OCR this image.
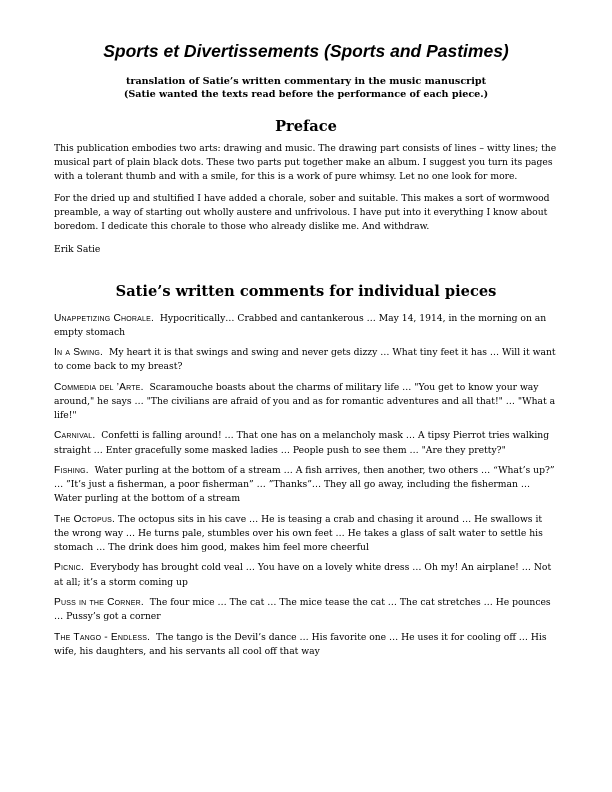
Sports et Divertissements (Sports and Pastimes)
translation of Satie’s written commentary in the music manuscript
(Satie wanted the texts read before the performance of each piece.)
Preface

This publication embodies two arts: drawing and music. The drawing part consists of lines – witty lines; the musical part of plain black dots. These two parts put together make an album. I suggest you turn its pages with a tolerant thumb and with a smile, for this is a work of pure whimsy. Let no one look for more.

For the dried up and stultified I have added a chorale, sober and suitable. This makes a sort of wormwood preamble, a way of starting out wholly austere and unfrivolous. I have put into it everything I know about boredom. I dedicate this chorale to those who already dislike me. And withdraw.

Erik Satie
Satie’s written comments for individual pieces

Unappetizing Chorale. Hypocritically… Crabbed and cantankerous … May 14, 1914, in the morning on an empty stomach

In a Swing. My heart it is that swings and swing and never gets dizzy … What tiny feet it has … Will it want to come back to my breast?

Commedia del ’Arte. Scaramouche boasts about the charms of military life … "You get to know your way around," he says … "The civilians are afraid of you and as for romantic adventures and all that!" … "What a life!"

Carnival. Confetti is falling around! … That one has on a melancholy mask … A tipsy Pierrot tries walking straight … Enter gracefully some masked ladies … People push to see them … "Are they pretty?"

Fishing. Water purling at the bottom of a stream … A fish arrives, then another, two others … “What’s up?” … ”It’s just a fisherman, a poor fisherman” … ”Thanks”… They all go away, including the fisherman … Water purling at the bottom of a stream

The Octopus. The octopus sits in his cave … He is teasing a crab and chasing it around … He swallows it the wrong way … He turns pale, stumbles over his own feet … He takes a glass of salt water to settle his stomach … The drink does him good, makes him feel more cheerful

Picnic. Everybody has brought cold veal … You have on a lovely white dress … Oh my! An airplane! … Not at all; it’s a storm coming up

Puss in the Corner. The four mice … The cat … The mice tease the cat … The cat stretches … He pounces … Pussy’s got a corner

The Tango - Endless. The tango is the Devil’s dance … His favorite one … He uses it for cooling off … His wife, his daughters, and his servants all cool off that way
